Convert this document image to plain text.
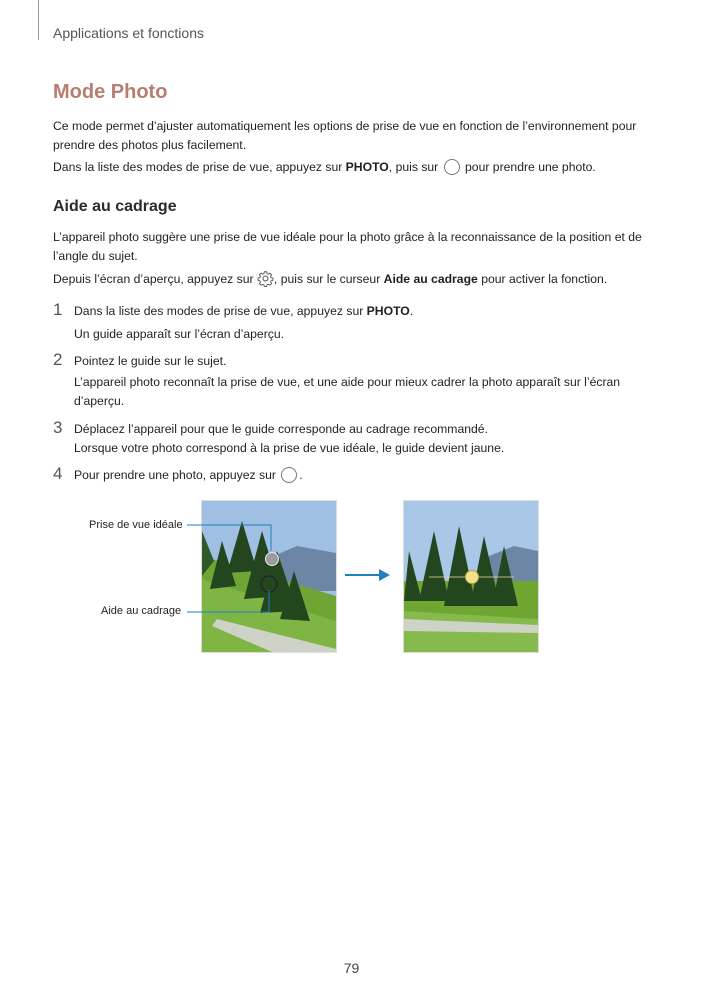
Applications et fonctions
Mode Photo

Ce mode permet d’ajuster automatiquement les options de prise de vue en fonction de l’environnement pour prendre des photos plus facilement.

Dans la liste des modes de prise de vue, appuyez sur PHOTO, puis sur  pour prendre une photo.

Aide au cadrage

L’appareil photo suggère une prise de vue idéale pour la photo grâce à la reconnaissance de la position et de l’angle du sujet.

Depuis l’écran d’aperçu, appuyez sur , puis sur le curseur Aide au cadrage pour activer la fonction.

1 Dans la liste des modes de prise de vue, appuyez sur PHOTO.

Un guide apparaît sur l’écran d’aperçu.

2 Pointez le guide sur le sujet.

L’appareil photo reconnaît la prise de vue, et une aide pour mieux cadrer la photo apparaît sur l’écran d’aperçu.

3 Déplacez l’appareil pour que le guide corresponde au cadrage recommandé.

Lorsque votre photo correspond à la prise de vue idéale, le guide devient jaune.

4 Pour prendre une photo, appuyez sur .

Prise de vue idéale
Aide au cadrage
79
